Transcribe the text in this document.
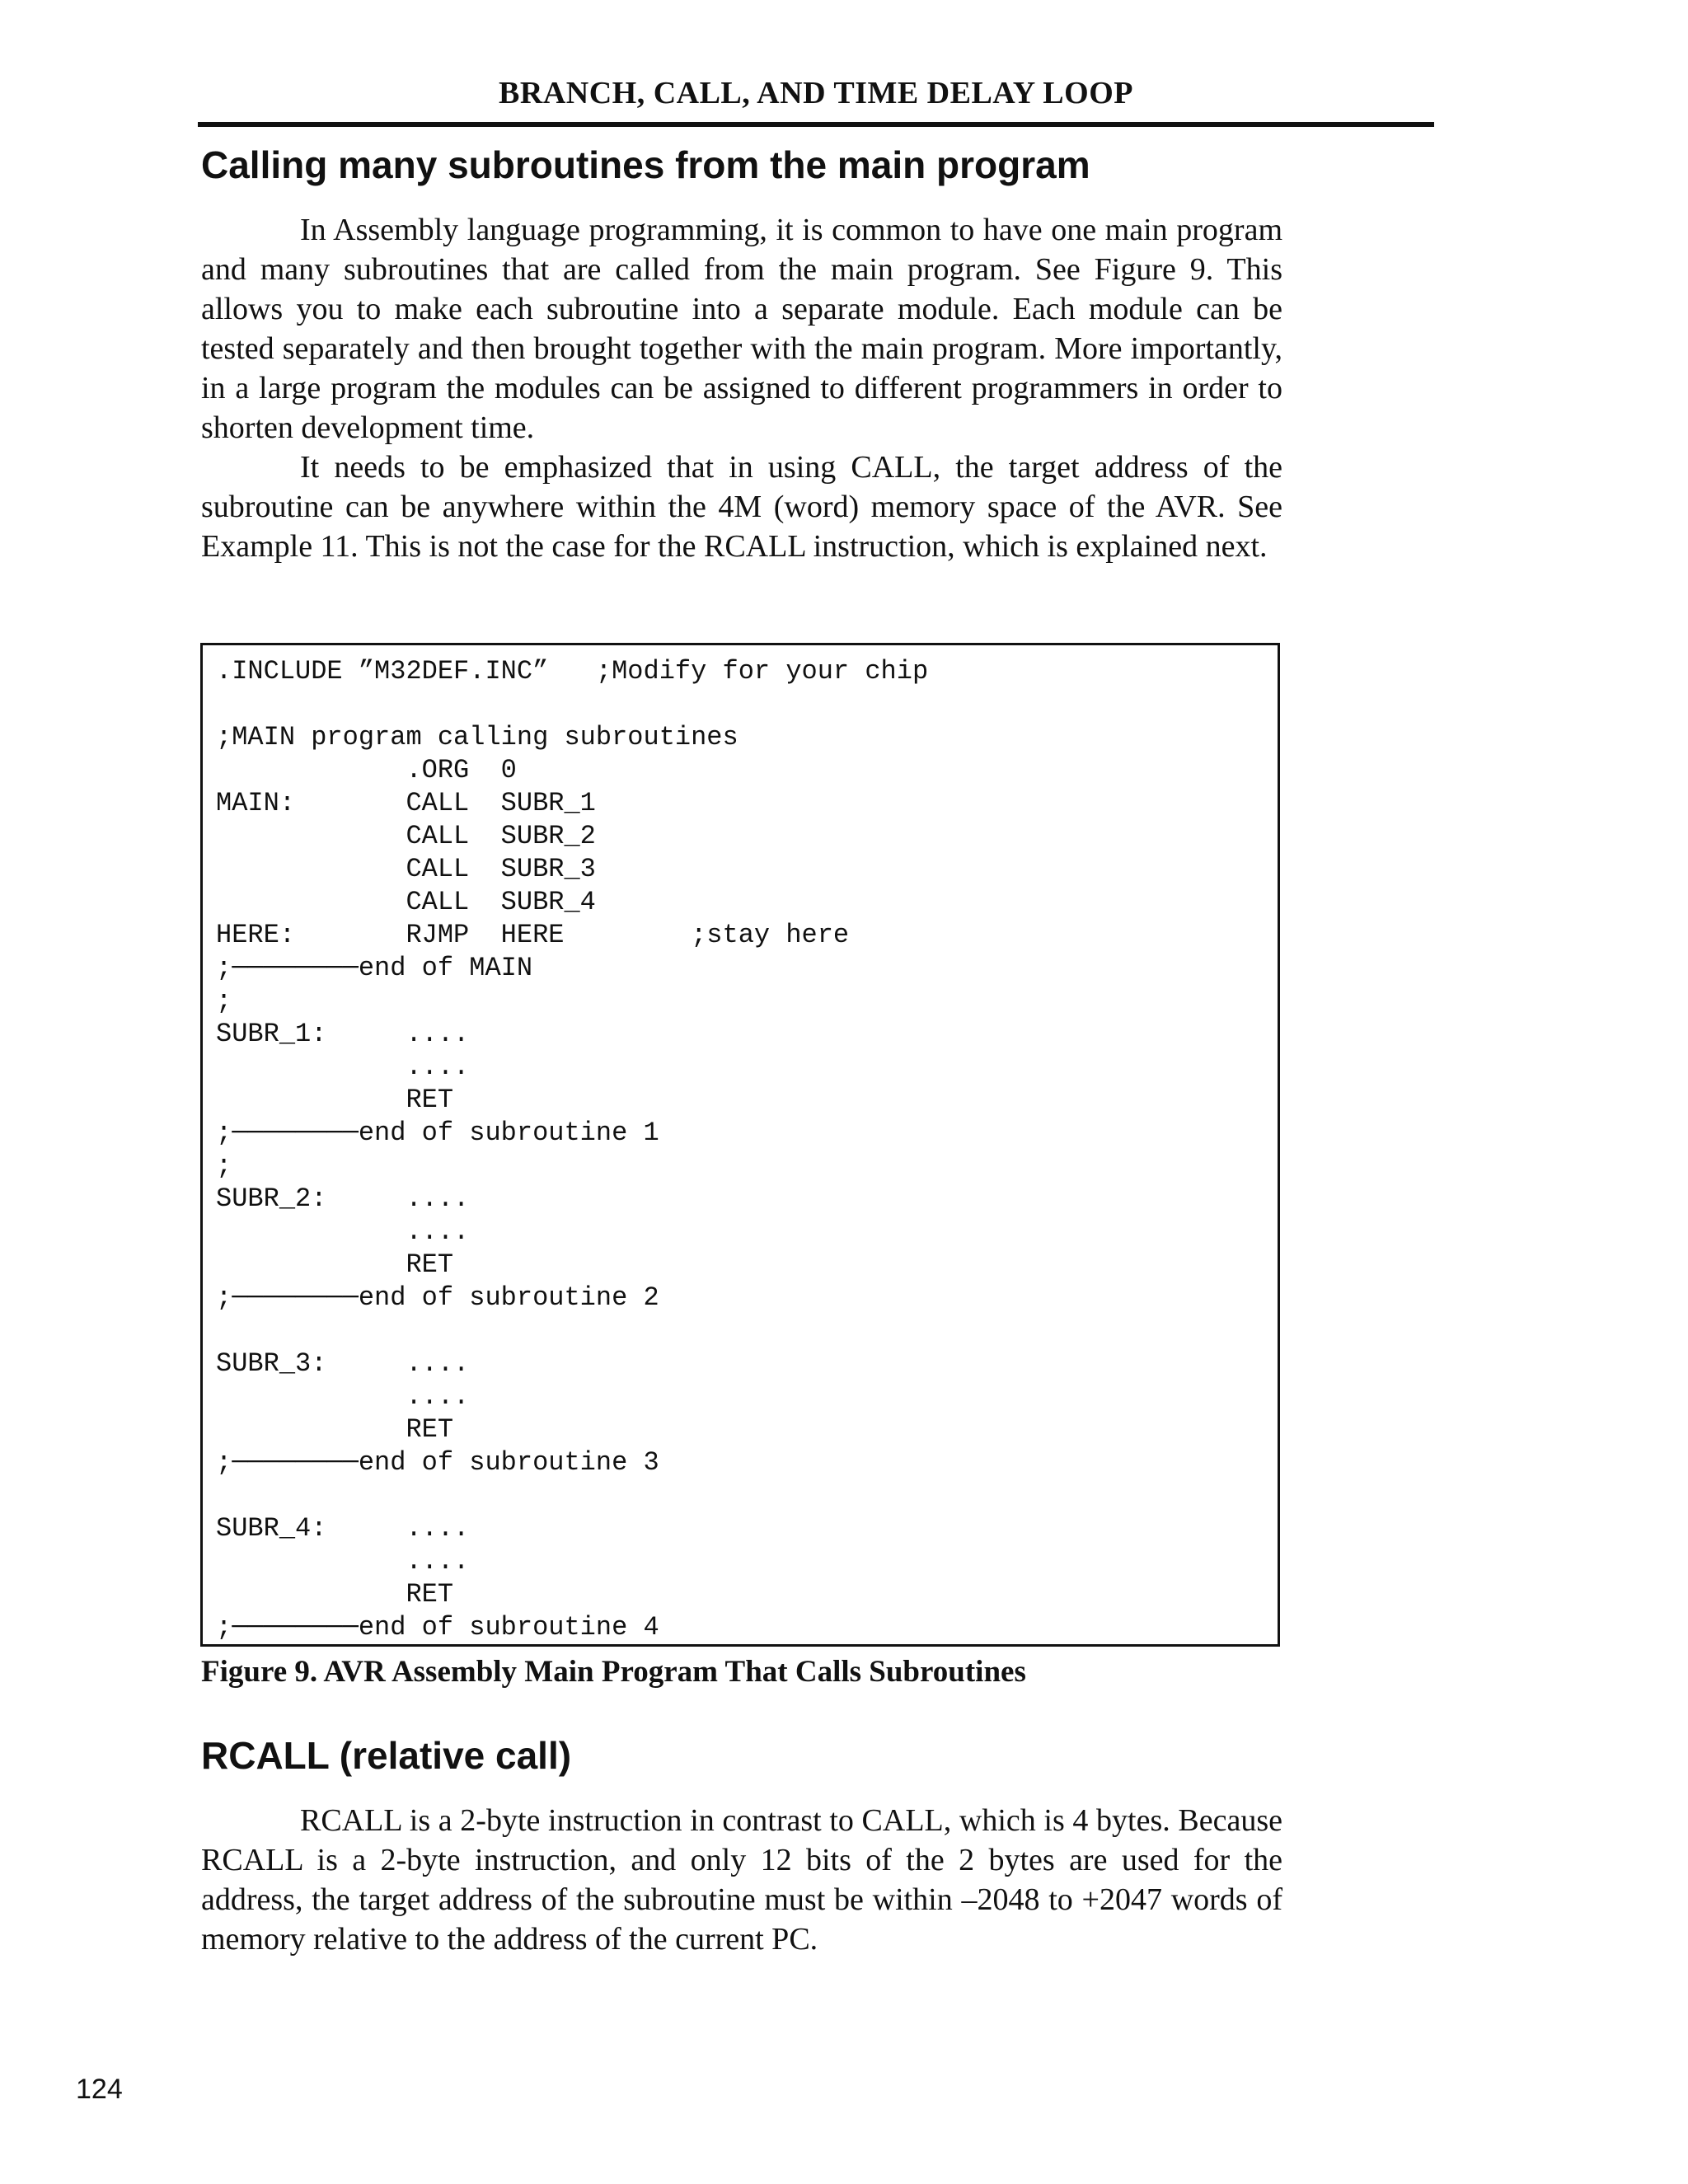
BRANCH, CALL, AND TIME DELAY LOOP
Calling many subroutines from the main program

In Assembly language programming, it is common to have one main program and many subroutines that are called from the main program. See Figure 9. This allows you to make each subroutine into a separate module. Each module can be tested separately and then brought together with the main program. More importantly, in a large program the modules can be assigned to different programmers in order to shorten development time.

It needs to be emphasized that in using CALL, the target address of the subroutine can be anywhere within the 4M (word) memory space of the AVR. See Example 11. This is not the case for the RCALL instruction, which is explained next.

.INCLUDE ”M32DEF.INC”   ;Modify for your chip
;MAIN program calling subroutines
.ORG  0
MAIN:       CALL  SUBR_1
CALL  SUBR_2
CALL  SUBR_3
CALL  SUBR_4
HERE:       RJMP  HERE        ;stay here
;────────end of MAIN
;
SUBR_1:     ....
....
RET
;────────end of subroutine 1
;
SUBR_2:     ....
....
RET
;────────end of subroutine 2
SUBR_3:     ....
....
RET
;────────end of subroutine 3
SUBR_4:     ....
....
RET
;────────end of subroutine 4

Figure 9. AVR Assembly Main Program That Calls Subroutines

RCALL (relative call)

RCALL is a 2-byte instruction in contrast to CALL, which is 4 bytes. Because RCALL is a 2-byte instruction, and only 12 bits of the 2 bytes are used for the address, the target address of the subroutine must be within –2048 to +2047 words of memory relative to the address of the current PC.

124
